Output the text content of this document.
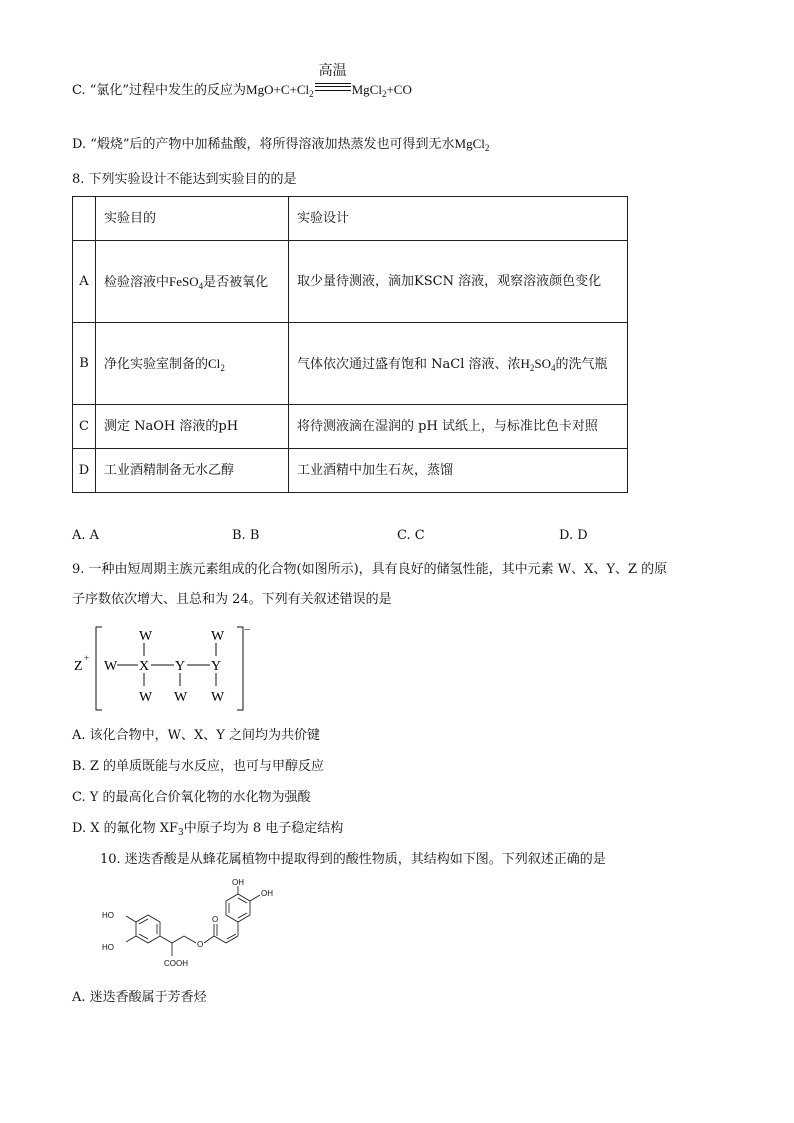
C. “氯化”过程中发生的反应为$MgO+C+Cl_2$
高温
MgCl$_2$+CO
D. “煅烧”后的产物中加稀盐酸，将所得溶液加热蒸发也可得到无水MgCl$_2$
8. 下列实验设计不能达到实验目的的是
	实验目的	实验设计
A	检验溶液中FeSO$_4$是否被氧化	取少量待测液，滴加KSCN 溶液，观察溶液颜色变化
B	净化实验室制备的$Cl_2$	气体依次通过盛有饱和 NaCl 溶液、浓$H_2SO_4$的洗气瓶
C	测定 NaOH 溶液的pH	将待测液滴在湿润的 pH 试纸上，与标准比色卡对照
D	工业酒精制备无水乙醇	工业酒精中加生石灰，蒸馏
A. A	B. B	C. C	D. D
9. 一种由短周期主族元素组成的化合物(如图所示)，具有良好的储氢性能，其中元素 W、X、Y、Z 的原
子序数依次增大、且总和为 24。下列有关叙述错误的是
Z
+
−
W X Y Y
W
W W
W
W
A. 该化合物中，W、X、Y 之间均为共价键
B. Z 的单质既能与水反应，也可与甲醇反应
C. Y 的最高化合价氧化物的水化物为强酸
D. X 的氟化物 $XF_3$中原子均为 8 电子稳定结构
10. 迷迭香酸是从蜂花属植物中提取得到的酸性物质，其结构如下图。下列叙述正确的是
HO
HO
COOH
O
O
OH
OH
A. 迷迭香酸属于芳香烃
